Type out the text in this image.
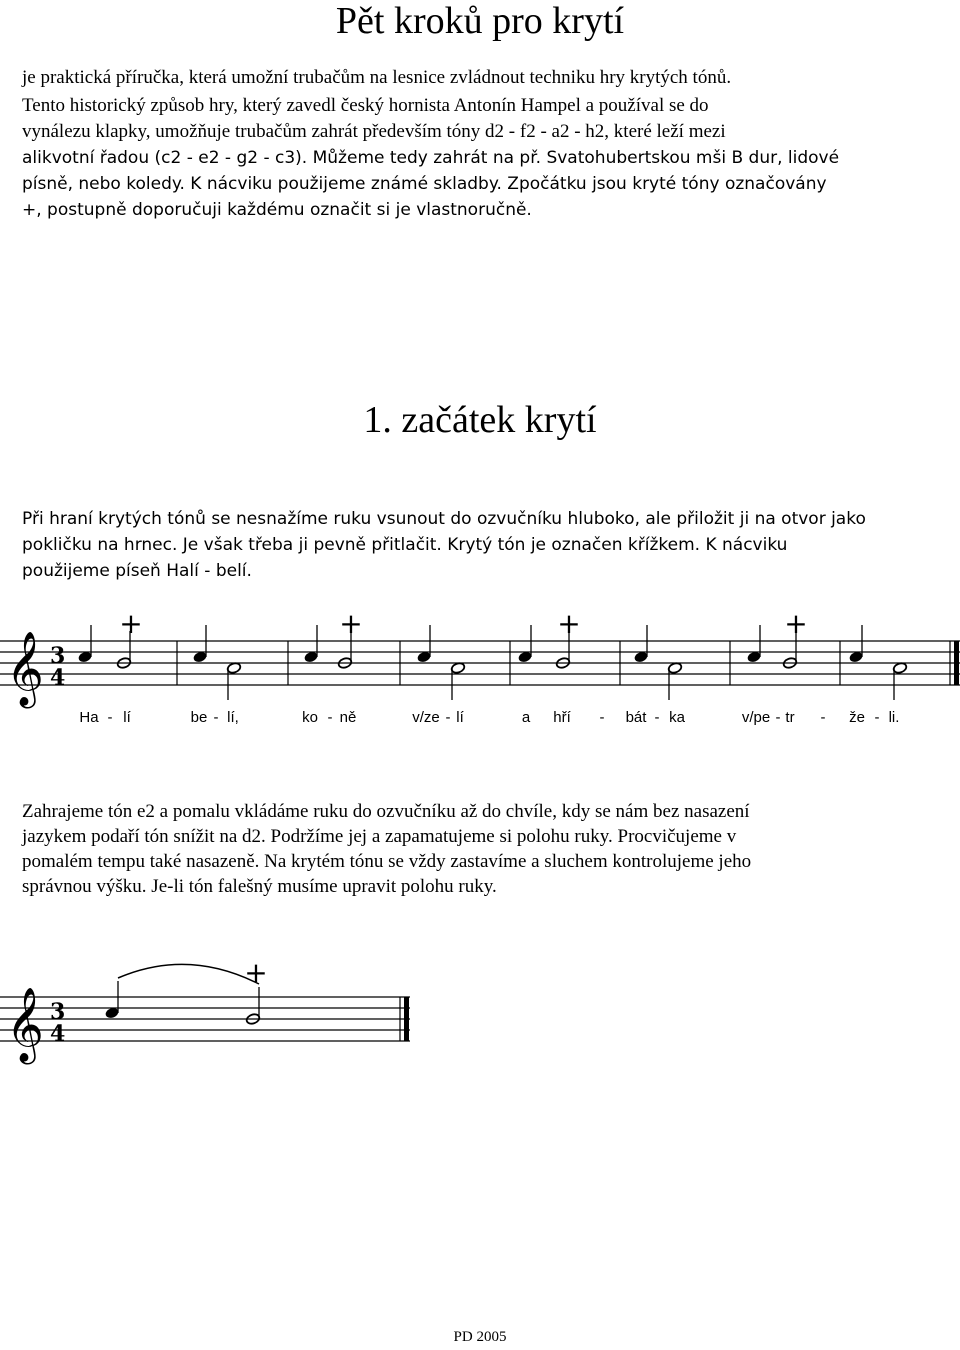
Pět kroků pro krytí

je praktická příručka, která umožní trubačům na lesnice zvládnout techniku hry krytých tónů.

Tento historický způsob hry, který zavedl český hornista Antonín Hampel a používal se do

vynálezu klapky, umožňuje trubačům zahrát především tóny d2 - f2 - a2 - h2, které leží mezi

alikvotní řadou (c2 - e2 - g2 - c3). Můžeme tedy zahrát na př. Svatohubertskou mši B dur, lidové

písně, nebo koledy. K nácviku použijeme známé skladby. Zpočátku jsou kryté tóny označovány

+, postupně doporučuji každému označit si je vlastnoručně.

1. začátek krytí

Při hraní krytých tónů se nesnažíme ruku vsunout do ozvučníku hluboko, ale přiložit ji na otvor jako

pokličku na hrnec. Je však třeba ji pevně přitlačit. Krytý tón je označen křížkem. K nácviku

použijeme píseň Halí - belí.

𝄞 3
4
+	+	+	+
Ha - lí	be - lí,	ko - ně	v/ze - lí	a hří - bát - ka	v/pe - tr - že - li.

Zahrajeme tón e2 a pomalu vkládáme ruku do ozvučníku až do chvíle, kdy se nám bez nasazení

jazykem podaří tón snížit na d2. Podržíme jej a zapamatujeme si polohu ruky. Procvičujeme v

pomalém tempu také nasazeně. Na krytém tónu se vždy zastavíme a sluchem kontrolujeme jeho

správnou výšku. Je-li tón falešný musíme upravit polohu ruky.

𝄞 3
4
+
PD 2005
